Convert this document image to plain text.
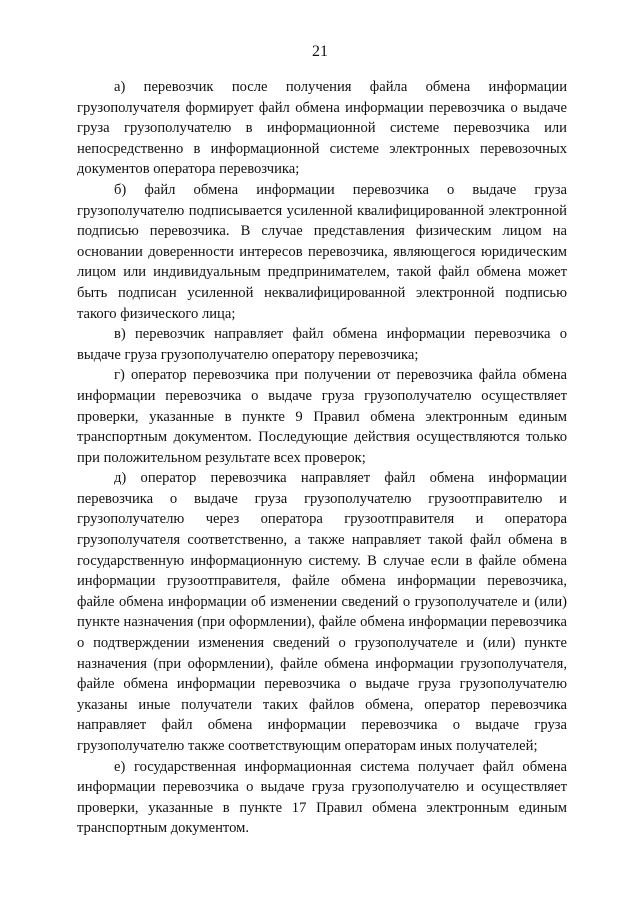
21

а) перевозчик после получения файла обмена информации грузополучателя формирует файл обмена информации перевозчика о выдаче груза грузополучателю в информационной системе перевозчика или непосредственно в информационной системе электронных перевозочных документов оператора перевозчика;

б) файл обмена информации перевозчика о выдаче груза грузополучателю подписывается усиленной квалифицированной электронной подписью перевозчика. В случае представления физическим лицом на основании доверенности интересов перевозчика, являющегося юридическим лицом или индивидуальным предпринимателем, такой файл обмена может быть подписан усиленной неквалифицированной электронной подписью такого физического лица;

в) перевозчик направляет файл обмена информации перевозчика о выдаче груза грузополучателю оператору перевозчика;

г) оператор перевозчика при получении от перевозчика файла обмена информации перевозчика о выдаче груза грузополучателю осуществляет проверки, указанные в пункте 9 Правил обмена электронным единым транспортным документом. Последующие действия осуществляются только при положительном результате всех проверок;

д) оператор перевозчика направляет файл обмена информации перевозчика о выдаче груза грузополучателю грузоотправителю и грузополучателю через оператора грузоотправителя и оператора грузополучателя соответственно, а также направляет такой файл обмена в государственную информационную систему. В случае если в файле обмена информации грузоотправителя, файле обмена информации перевозчика, файле обмена информации об изменении сведений о грузополучателе и (или) пункте назначения (при оформлении), файле обмена информации перевозчика о подтверждении изменения сведений о грузополучателе и (или) пункте назначения (при оформлении), файле обмена информации грузополучателя, файле обмена информации перевозчика о выдаче груза грузополучателю указаны иные получатели таких файлов обмена, оператор перевозчика направляет файл обмена информации перевозчика о выдаче груза грузополучателю также соответствующим операторам иных получателей;

е) государственная информационная система получает файл обмена информации перевозчика о выдаче груза грузополучателю и осуществляет проверки, указанные в пункте 17 Правил обмена электронным единым транспортным документом.
